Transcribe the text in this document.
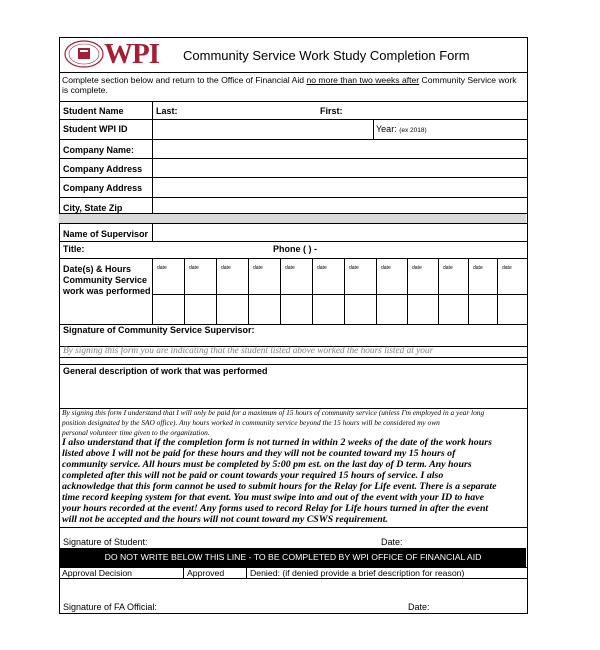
WPI Community Service Work Study Completion Form
Complete section below and return to the Office of Financial Aid no more than two weeks after Community Service work is complete.
Student Name	Last:	First:
Student WPI ID	Year: (ex 2018)
Company Name:
Company Address
Company Address
City, State Zip
Name of Supervisor
Title:	Phone ( ) -
Date(s) & Hours
Community Service
work was performed
date	date	date	date	date	date	date	date	date	date	date	date
Signature of Community Service Supervisor:
By signing this form you are indicating that the student listed above worked the hours listed at your
General description of work that was performed
By signing this form I understand that I will only be paid for a maximum of 15 hours of community service (unless I'm employed in a year long
position designated by the SAO office). Any hours worked in community service beyond the 15 hours will be considered my own
personal volunteer time given to the organization.
I also understand that if the completion form is not turned in within 2 weeks of the date of the work hours
listed above I will not be paid for these hours and they will not be counted toward my 15 hours of
community service. All hours must be completed by 5:00 pm est. on the last day of D term. Any hours
completed after this will not be paid or count towards your required 15 hours of service. I also
acknowledge that this form cannot be used to submit hours for the Relay for Life event. There is a separate
time record keeping system for that event. You must swipe into and out of the event with your ID to have
your hours recorded at the event! Any forms used to record Relay for Life hours turned in after the event
will not be accepted and the hours will not count toward my CSWS requirement.
Signature of Student:	Date:
DO NOT WRITE BELOW THIS LINE - TO BE COMPLETED BY WPI OFFICE OF FINANCIAL AID
Approval Decision	Approved	Denied: (if denied provide a brief description for reason)
Signature of FA Official:	Date:
